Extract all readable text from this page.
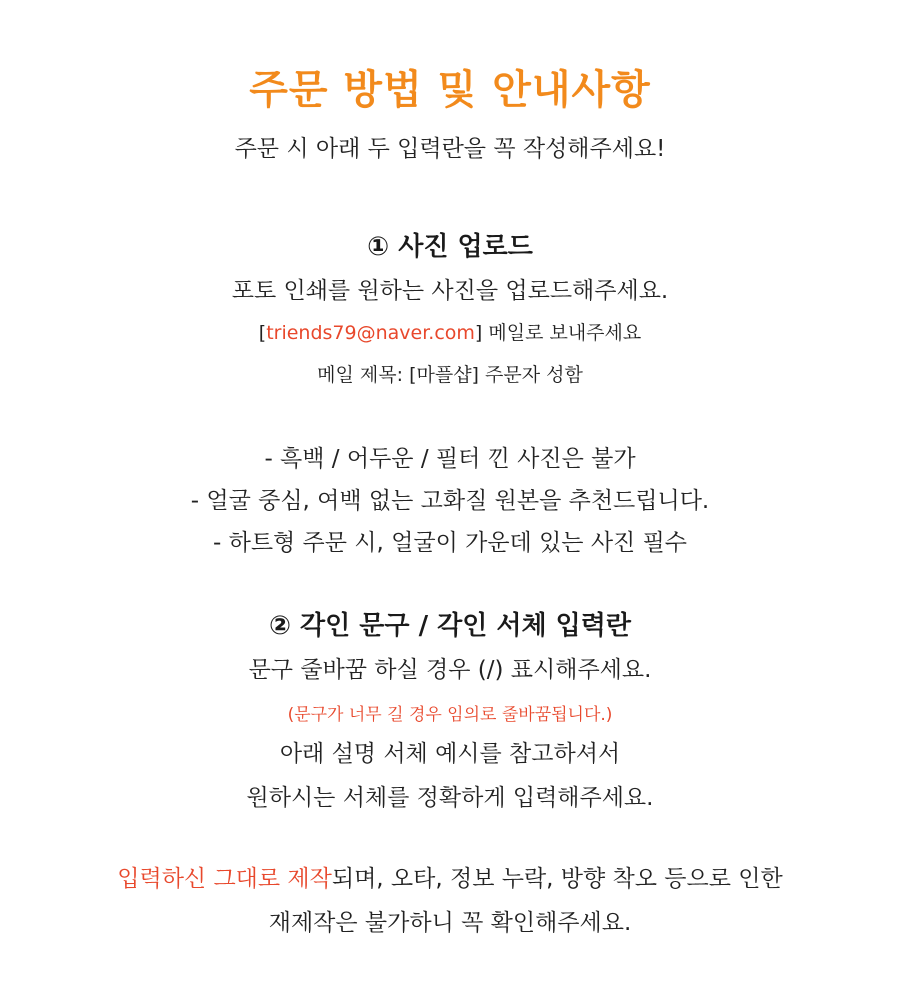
주문 방법 및 안내사항
주문 시 아래 두 입력란을 꼭 작성해주세요!
① 사진 업로드
포토 인쇄를 원하는 사진을 업로드해주세요.
[triends79@naver.com] 메일로 보내주세요
메일 제목: [마플샵] 주문자 성함
- 흑백 / 어두운 / 필터 낀 사진은 불가
- 얼굴 중심, 여백 없는 고화질 원본을 추천드립니다.
- 하트형 주문 시, 얼굴이 가운데 있는 사진 필수
② 각인 문구 / 각인 서체 입력란
문구 줄바꿈 하실 경우 (/) 표시해주세요.
(문구가 너무 길 경우 임의로 줄바꿈됩니다.)
아래 설명 서체 예시를 참고하셔서
원하시는 서체를 정확하게 입력해주세요.
입력하신 그대로 제작되며, 오타, 정보 누락, 방향 착오 등으로 인한
재제작은 불가하니 꼭 확인해주세요.
